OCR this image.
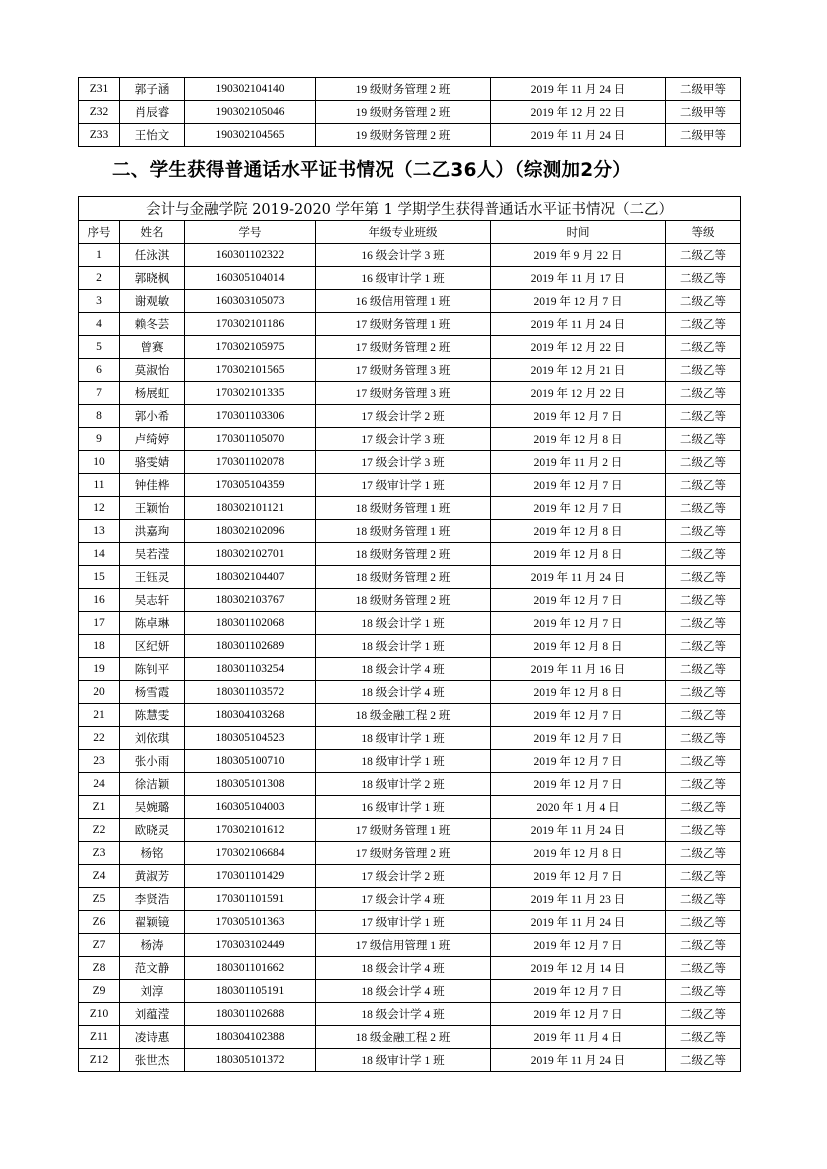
Z31	郭子涵	190302104140	19 级财务管理 2 班	2019 年 11 月 24 日	二级甲等
Z32	肖辰睿	190302105046	19 级财务管理 2 班	2019 年 12 月 22 日	二级甲等
Z33	王怡文	190302104565	19 级财务管理 2 班	2019 年 11 月 24 日	二级甲等
二、学生获得普通话水平证书情况（二乙36人）（综测加2分）
会计与金融学院 2019-2020 学年第 1 学期学生获得普通话水平证书情况（二乙）					
序号	姓名	学号	年级专业班级	时间	等级
1	任泳淇	160301102322	16 级会计学 3 班	2019 年 9 月 22 日	二级乙等
2	郭晓枫	160305104014	16 级审计学 1 班	2019 年 11 月 17 日	二级乙等
3	谢观敏	160303105073	16 级信用管理 1 班	2019 年 12 月 7 日	二级乙等
4	赖冬芸	170302101186	17 级财务管理 1 班	2019 年 11 月 24 日	二级乙等
5	曾赛	170302105975	17 级财务管理 2 班	2019 年 12 月 22 日	二级乙等
6	莫淑怡	170302101565	17 级财务管理 3 班	2019 年 12 月 21 日	二级乙等
7	杨展虹	170302101335	17 级财务管理 3 班	2019 年 12 月 22 日	二级乙等
8	郭小希	170301103306	17 级会计学 2 班	2019 年 12 月 7 日	二级乙等
9	卢绮婷	170301105070	17 级会计学 3 班	2019 年 12 月 8 日	二级乙等
10	骆雯婧	170301102078	17 级会计学 3 班	2019 年 11 月 2 日	二级乙等
11	钟佳桦	170305104359	17 级审计学 1 班	2019 年 12 月 7 日	二级乙等
12	王颖怡	180302101121	18 级财务管理 1 班	2019 年 12 月 7 日	二级乙等
13	洪嘉珣	180302102096	18 级财务管理 1 班	2019 年 12 月 8 日	二级乙等
14	吴若滢	180302102701	18 级财务管理 2 班	2019 年 12 月 8 日	二级乙等
15	王钰灵	180302104407	18 级财务管理 2 班	2019 年 11 月 24 日	二级乙等
16	吴志轩	180302103767	18 级财务管理 2 班	2019 年 12 月 7 日	二级乙等
17	陈卓琳	180301102068	18 级会计学 1 班	2019 年 12 月 7 日	二级乙等
18	区纪妍	180301102689	18 级会计学 1 班	2019 年 12 月 8 日	二级乙等
19	陈钊平	180301103254	18 级会计学 4 班	2019 年 11 月 16 日	二级乙等
20	杨雪霞	180301103572	18 级会计学 4 班	2019 年 12 月 8 日	二级乙等
21	陈慧雯	180304103268	18 级金融工程 2 班	2019 年 12 月 7 日	二级乙等
22	刘依琪	180305104523	18 级审计学 1 班	2019 年 12 月 7 日	二级乙等
23	张小雨	180305100710	18 级审计学 1 班	2019 年 12 月 7 日	二级乙等
24	徐洁颖	180305101308	18 级审计学 2 班	2019 年 12 月 7 日	二级乙等
Z1	吴婉璐	160305104003	16 级审计学 1 班	2020 年 1 月 4 日	二级乙等
Z2	欧晓灵	170302101612	17 级财务管理 1 班	2019 年 11 月 24 日	二级乙等
Z3	杨铭	170302106684	17 级财务管理 2 班	2019 年 12 月 8 日	二级乙等
Z4	黄淑芳	170301101429	17 级会计学 2 班	2019 年 12 月 7 日	二级乙等
Z5	李贤浩	170301101591	17 级会计学 4 班	2019 年 11 月 23 日	二级乙等
Z6	翟颖镜	170305101363	17 级审计学 1 班	2019 年 11 月 24 日	二级乙等
Z7	杨涛	170303102449	17 级信用管理 1 班	2019 年 12 月 7 日	二级乙等
Z8	范文静	180301101662	18 级会计学 4 班	2019 年 12 月 14 日	二级乙等
Z9	刘淳	180301105191	18 级会计学 4 班	2019 年 12 月 7 日	二级乙等
Z10	刘蕴滢	180301102688	18 级会计学 4 班	2019 年 12 月 7 日	二级乙等
Z11	凌诗惠	180304102388	18 级金融工程 2 班	2019 年 11 月 4 日	二级乙等
Z12	张世杰	180305101372	18 级审计学 1 班	2019 年 11 月 24 日	二级乙等
